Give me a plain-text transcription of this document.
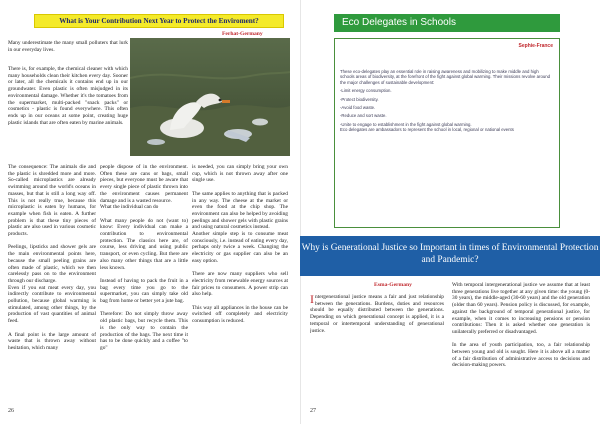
What is Your Contribution Next Year to Protect the Enviroment?
Ferhat-Germany
Many underestimate the many small polluters that lurk in our everyday lives.
There is, for example, the chemical cleaner with which many households clean their kitchen every day. Sooner or later, all the chemicals it contains end up in our groundwater. Even plastic is often misjudged in its environmental damage. Whether it's the tomatoes from the supermarket, multi-packed "snack packs" or cosmetics - plastic is found everywhere. This often ends up in our oceans at some point, creating huge plastic islands that are often eaten by marine animals.
The consequence: The animals die and the plastic is shredded more and more. So-called microplastics are already swimming around the world's oceans in masses, but that is still a long way off. This is not really true, because this microplastic is eaten by humans, for example when fish is eaten. A further problem is that these tiny pieces of plastic are also used in various cosmetic products.

Peelings, lipsticks and shower gels are the main environmental points here, because the small peeling grains are often made of plastic, which we then carelessly pass on to the environment through our discharge.
Even if you eat meat every day, you indirectly contribute to environmental pollution, because global warming is stimulated, among other things, by the production of vast quantities of animal feed.

A final point is the large amount of waste that is thrown away without hesitation, which many
people dispose of in the environment. Often these are cans or bags, small pieces, but everyone must be aware that every single piece of plastic thrown into the environment causes permanent damage and is a wasted resource.
What the individual can do

What many people do not (want to) know: Every individual can make a contribution to environmental protection. The classics here are, of course, less driving and using public transport, or even cycling. But there are also many other things that are a little less known.

Instead of having to pack the fruit in a bag every time you go to the supermarket, you can simply take old bag from home or better yet a jute bag.

Therefore: Do not simply throw away old plastic bags, but recycle them. This is the only way to contain the production of the bags. The next time it has to be done quickly and a coffee "to go"
is needed, you can simply bring your own cup, which is not thrown away after one single use.

The same applies to anything that is packed in any way. The cheese at the market or even the food at the chip shop. The environment can also be helped by avoiding peelings and shower gels with plastic grains and using natural cosmetics instead.
Another simple step is to consume meat consciously, i.e. instead of eating every day, perhaps only twice a week. Changing the electricity or gas supplier can also be an easy option.

There are now many suppliers who sell electricity from renewable energy sources at fair prices to consumers. A power strip can also help.

This way all appliances in the house can be switched off completely and electricity consumption is reduced.
26
Eco Delegates in Schools
Sephie-France

These eco-delegates play an essential role in raising awareness and mobilizing to make middle and high schools areas of biodiversity, at the forefront of the fight against global warming. Their missions revolve around the major challenges of sustainable development:

-Limit energy consumption.

-Protect biodiversity.

-Avoid food waste.

-Reduce and sort waste.

-Unite to engage to establishment in the fight against global warming.

Eco delegates are ambassadors to represent the school in local, regional or national events

Why is Generational Justice so Important in times of Environmental Protection and Pandemic?
Esma-Germany
Intergenerational justice means a fair and just relationship between the generations. Burdens, duties and resources should be equally distributed between the generations. Depending on which generational concept is applied, it is a temporal or intertemporal understanding of generational justice.
With temporal intergenerational justice we assume that at least three generations live together at any given time: the young (0-30 years), the middle-aged (30-60 years) and the old generation (older than 60 years). Pension policy is discussed, for example, against the background of temporal generational justice, for example, when it comes to increasing pensions or pension contributions: Then it is asked whether one generation is unilaterally preferred or disadvantaged.

In the area of youth participation, too, a fair relationship between young and old is sought. Here it is above all a matter of a fair distribution of administrative access to decisions and decision-making powers.
27
